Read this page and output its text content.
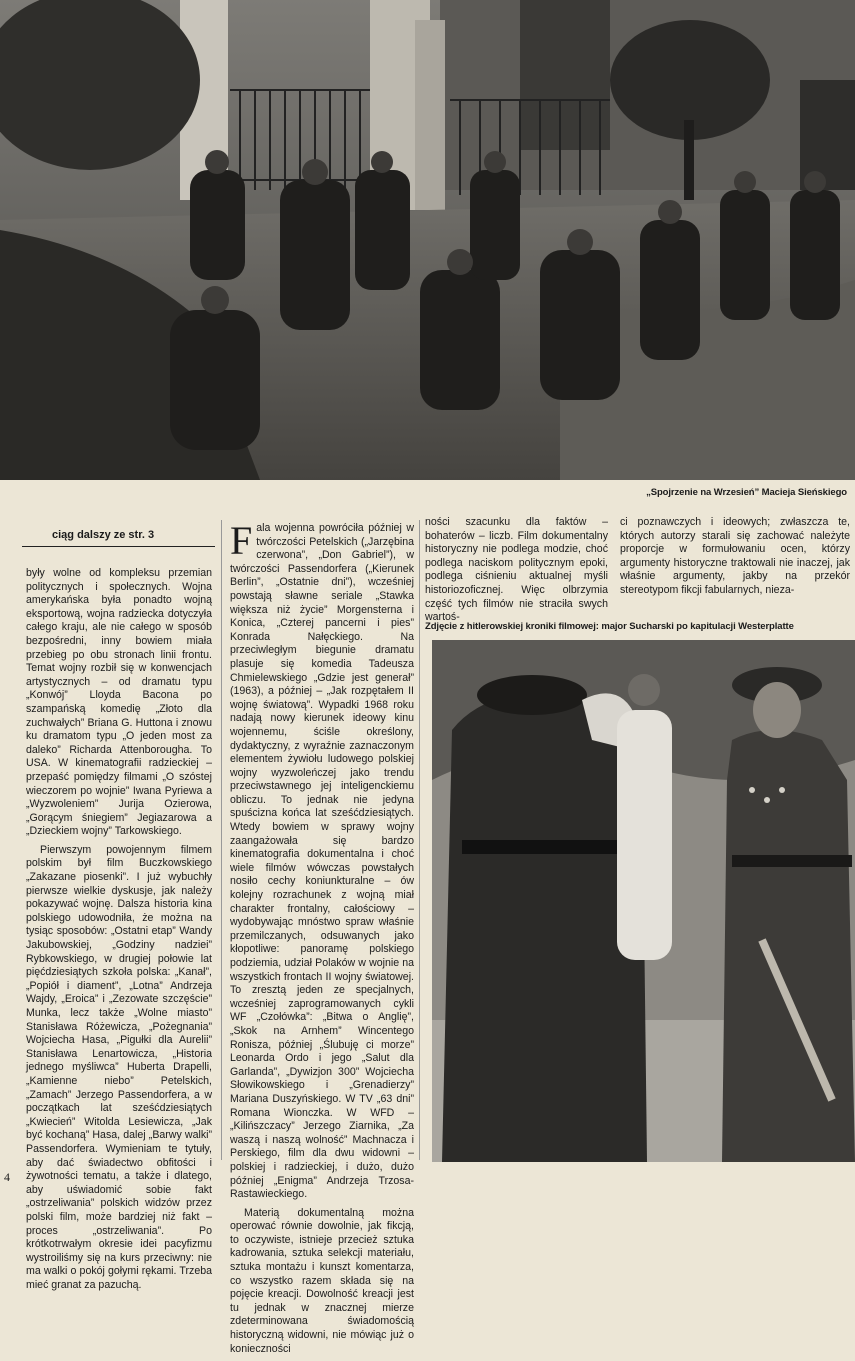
„Spojrzenie na Wrzesień” Macieja Sieńskiego
ciąg dalszy ze str. 3

były wolne od kompleksu przemian politycznych i społecznych. Wojna amerykańska była ponadto wojną eksportową, wojna radziecka dotyczyła całego kraju, ale nie całego w sposób bezpośredni, inny bowiem miała przebieg po obu stronach linii frontu. Temat wojny rozbił się w konwencjach artystycznych – od dramatu typu „Konwój” Lloyda Bacona po szampańską komedię „Złoto dla zuchwałych” Briana G. Huttona i znowu ku dramatom typu „O jeden most za daleko” Richarda Attenborougha. To USA. W kinematografii radzieckiej – przepaść pomiędzy filmami „O szóstej wieczorem po wojnie” Iwana Pyriewa a „Wyzwoleniem” Jurija Ozierowa, „Gorącym śniegiem” Jegiazarowa a „Dzieckiem wojny” Tarkowskiego.

Pierwszym powojennym filmem polskim był film Buczkowskiego „Zakazane piosenki”. I już wybuchły pierwsze wielkie dyskusje, jak należy pokazywać wojnę. Dalsza historia kina polskiego udowodniła, że można na tysiąc sposobów: „Ostatni etap” Wandy Jakubowskiej, „Godziny nadziei” Rybkowskiego, w drugiej połowie lat pięćdziesiątych szkoła polska: „Kanał”, „Popiół i diament”, „Lotna” Andrzeja Wajdy, „Eroica” i „Zezowate szczęście” Munka, lecz także „Wolne miasto” Stanisława Różewicza, „Pożegnania” Wojciecha Hasa, „Pigułki dla Aurelii” Stanisława Lenartowicza, „Historia jednego myśliwca” Huberta Drapelli, „Kamienne niebo” Petelskich, „Zamach” Jerzego Passendorfera, a w początkach lat sześćdziesiątych „Kwiecień” Witolda Lesiewicza, „Jak być kochaną” Hasa, dalej „Barwy walki” Passendorfera. Wymieniam te tytuły, aby dać świadectwo obfitości i żywotności tematu, a także i dlatego, aby uświadomić sobie fakt „ostrzeliwania” polskich widzów przez polski film, może bardziej niż fakt – proces „ostrzeliwania”. Po krótkotrwałym okresie idei pacyfizmu wystroiliśmy się na kurs przeciwny: nie ma walki o pokój gołymi rękami. Trzeba mieć granat za pazuchą.

Fala wojenna powróciła później w twórczości Petelskich („Jarzębina czerwona”, „Don Gabriel”), w twórczości Passendorfera („Kierunek Berlin”, „Ostatnie dni”), wcześniej powstają sławne seriale „Stawka większa niż życie” Morgensterna i Konica, „Czterej pancerni i pies” Konrada Nałęckiego. Na przeciwległym biegunie dramatu plasuje się komedia Tadeusza Chmielewskiego „Gdzie jest generał” (1963), a później – „Jak rozpętałem II wojnę światową”. Wypadki 1968 roku nadają nowy kierunek ideowy kinu wojennemu, ściśle określony, dydaktyczny, z wyraźnie zaznaczonym elementem żywiołu ludowego polskiej wojny wyzwoleńczej jako trendu przeciwstawnego jej inteligenckiemu obliczu. To jednak nie jedyna spuścizna końca lat sześćdziesiątych. Wtedy bowiem w sprawy wojny zaangażowała się bardzo kinematografia dokumentalna i choć wiele filmów wówczas powstałych nosiło cechy koniunkturalne – ów kolejny rozrachunek z wojną miał charakter frontalny, całościowy – wydobywając mnóstwo spraw właśnie przemilczanych, odsuwanych jako kłopotliwe: panoramę polskiego podziemia, udział Polaków w wojnie na wszystkich frontach II wojny światowej. To zresztą jeden ze specjalnych, wcześniej zaprogramowanych cykli WF „Czołówka”: „Bitwa o Anglię”, „Skok na Arnhem” Wincentego Ronisza, później „Ślubuję ci morze” Leonarda Ordo i jego „Salut dla Garlanda”, „Dywizjon 300” Wojciecha Słowikowskiego i „Grenadierzy” Mariana Duszyńskiego. W TV „63 dni” Romana Wionczka. W WFD – „Kilińszczacy” Jerzego Ziarnika, „Za waszą i naszą wolność” Machnacza i Perskiego, film dla dwu widowni – polskiej i radzieckiej, i dużo, dużo później „Enigma” Andrzeja Trzosa-Rastawieckiego.

Materią dokumentalną można operować równie dowolnie, jak fikcją, to oczywiste, istnieje przecież sztuka kadrowania, sztuka selekcji materiału, sztuka montażu i kunszt komentarza, co wszystko razem składa się na pojęcie kreacji. Dowolność kreacji jest tu jednak w znacznej mierze zdeterminowana świadomością historyczną widowni, nie mówiąc już o konieczności

ności szacunku dla faktów – bohaterów – liczb. Film dokumentalny historyczny nie podlega modzie, choć podlega naciskom politycznym epoki, podlega ciśnieniu aktualnej myśli historiozoficznej. Więc olbrzymia część tych filmów nie straciła swych wartoś-

ci poznawczych i ideowych; zwłaszcza te, których autorzy starali się zachować należyte proporcje w formułowaniu ocen, którzy argumenty historyczne traktowali nie inaczej, jak właśnie argumenty, jakby na przekór stereotypom fikcji fabularnych, nieza-

Zdjęcie z hitlerowskiej kroniki filmowej: major Sucharski po kapitulacji Westerplatte
4
